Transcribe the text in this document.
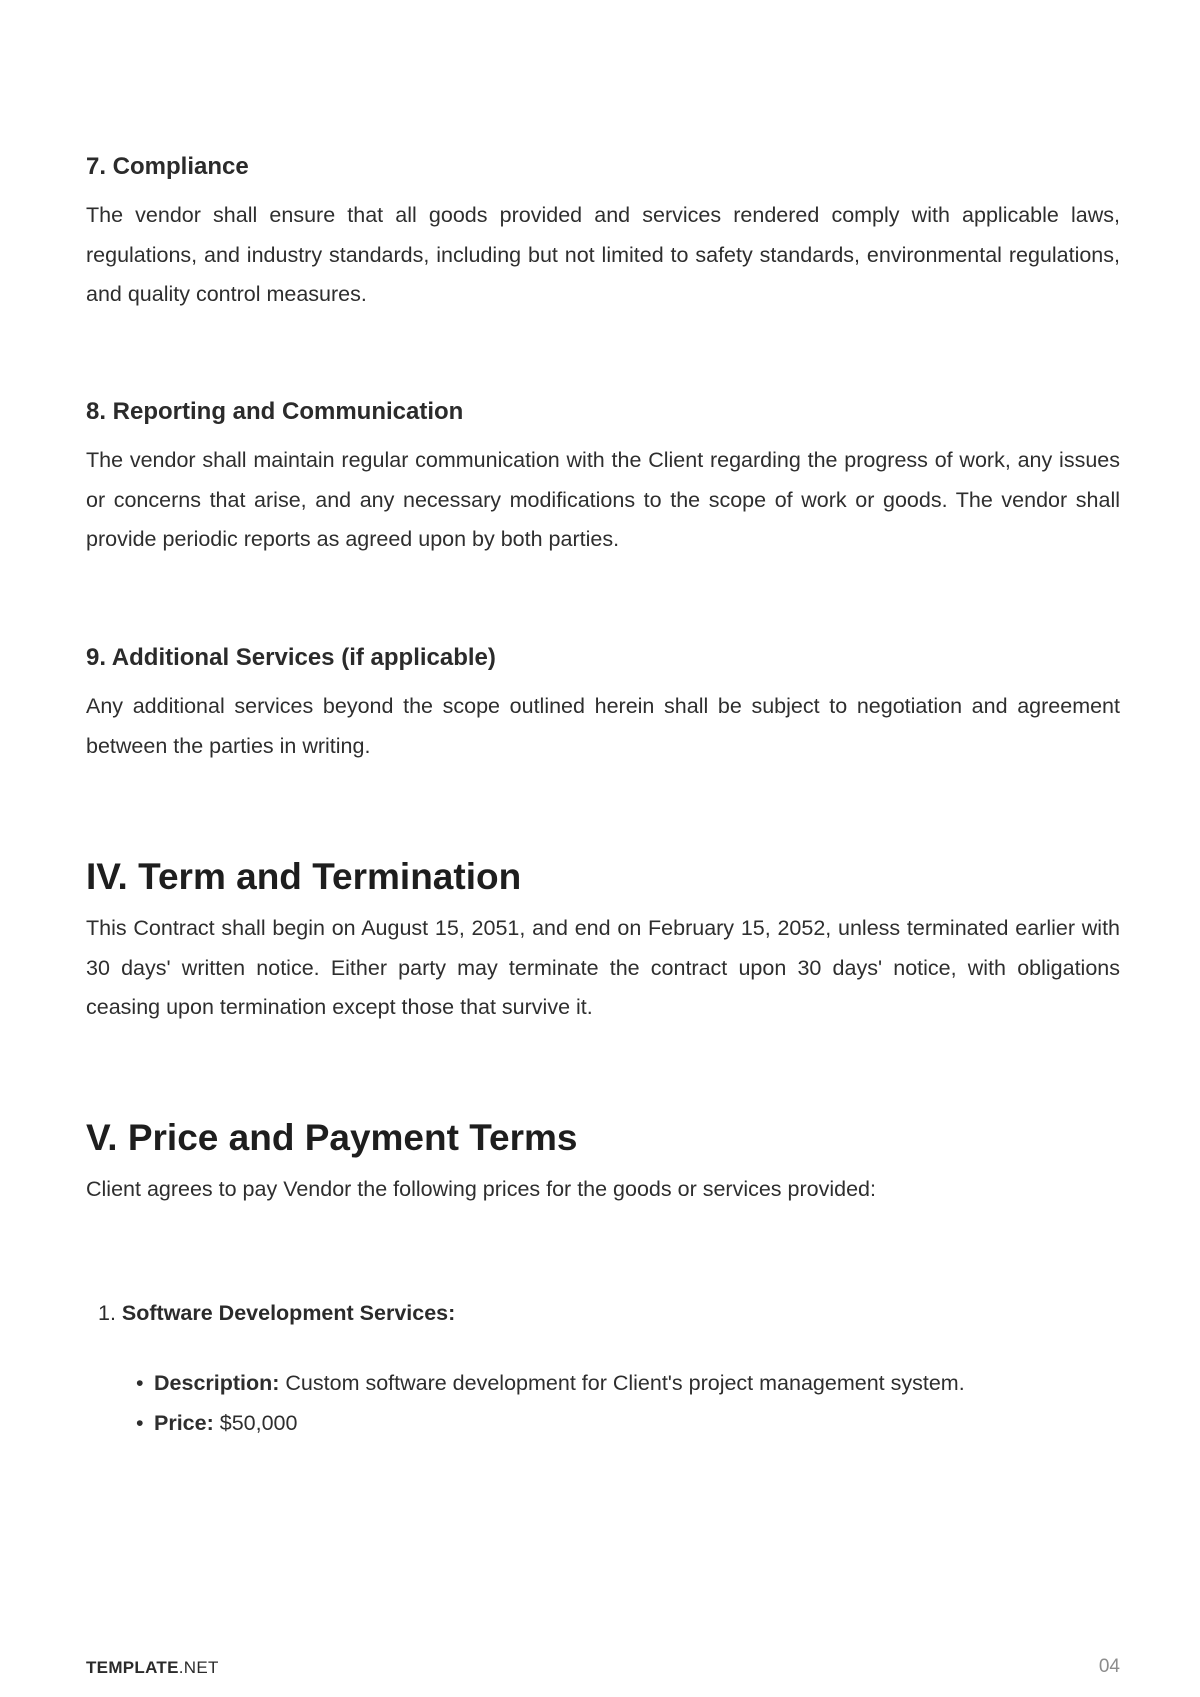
7. Compliance

The vendor shall ensure that all goods provided and services rendered comply with applicable laws, regulations, and industry standards, including but not limited to safety standards, environmental regulations, and quality control measures.

8. Reporting and Communication

The vendor shall maintain regular communication with the Client regarding the progress of work, any issues or concerns that arise, and any necessary modifications to the scope of work or goods. The vendor shall provide periodic reports as agreed upon by both parties.

9. Additional Services (if applicable)

Any additional services beyond the scope outlined herein shall be subject to negotiation and agreement between the parties in writing.

IV. Term and Termination

This Contract shall begin on August 15, 2051, and end on February 15, 2052, unless terminated earlier with 30 days' written notice. Either party may terminate the contract upon 30 days' notice, with obligations ceasing upon termination except those that survive it.

V. Price and Payment Terms

Client agrees to pay Vendor the following prices for the goods or services provided:

1. Software Development Services:
• Description: Custom software development for Client's project management system.
• Price: $50,000
TEMPLATE.NET	04
